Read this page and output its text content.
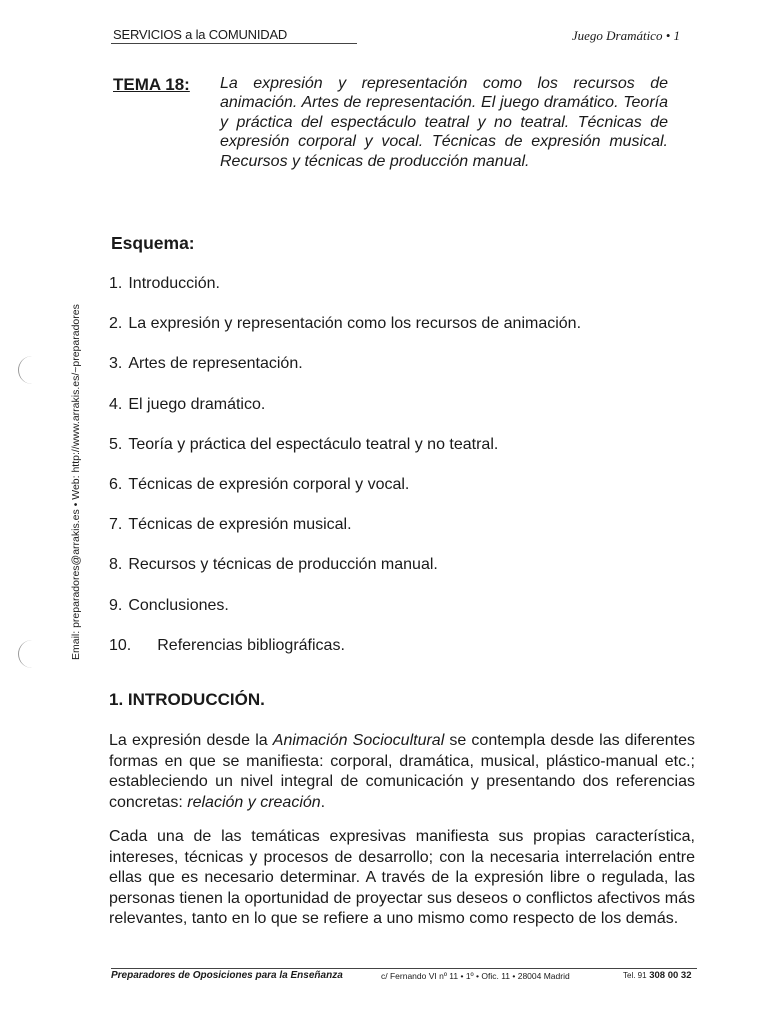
SERVICIOS a la COMUNIDAD	Juego Dramático • 1
Email: preparadores@arrakis.es • Web: http://www.arrakis.es/~preparadores
TEMA 18: La expresión y representación como los recursos de animación. Artes de representación. El juego dramático. Teoría y práctica del espectáculo teatral y no teatral. Técnicas de expresión corporal y vocal. Técnicas de expresión musical. Recursos y técnicas de producción manual.
Esquema:
1. Introducción.
2. La expresión y representación como los recursos de animación.
3. Artes de representación.
4. El juego dramático.
5. Teoría y práctica del espectáculo teatral y no teatral.
6. Técnicas de expresión corporal y vocal.
7. Técnicas de expresión musical.
8. Recursos y técnicas de producción manual.
9. Conclusiones.
10. Referencias bibliográficas.
1. INTRODUCCIÓN.

La expresión desde la Animación Sociocultural se contempla desde las diferentes formas en que se manifiesta: corporal, dramática, musical, plástico-manual etc.; estableciendo un nivel integral de comunicación y presentando dos referencias concretas: relación y creación.

Cada una de las temáticas expresivas manifiesta sus propias característica, intereses, técnicas y procesos de desarrollo; con la necesaria interrelación entre ellas que es necesario determinar. A través de la expresión libre o regulada, las personas tienen la oportunidad de proyectar sus deseos o conflictos afectivos más relevantes, tanto en lo que se refiere a uno mismo como respecto de los demás.

Preparadores de Oposiciones para la Enseñanza	c/ Fernando VI nº 11 • 1º • Ofic. 11 • 28004 Madrid	Tel. 91 308 00 32
